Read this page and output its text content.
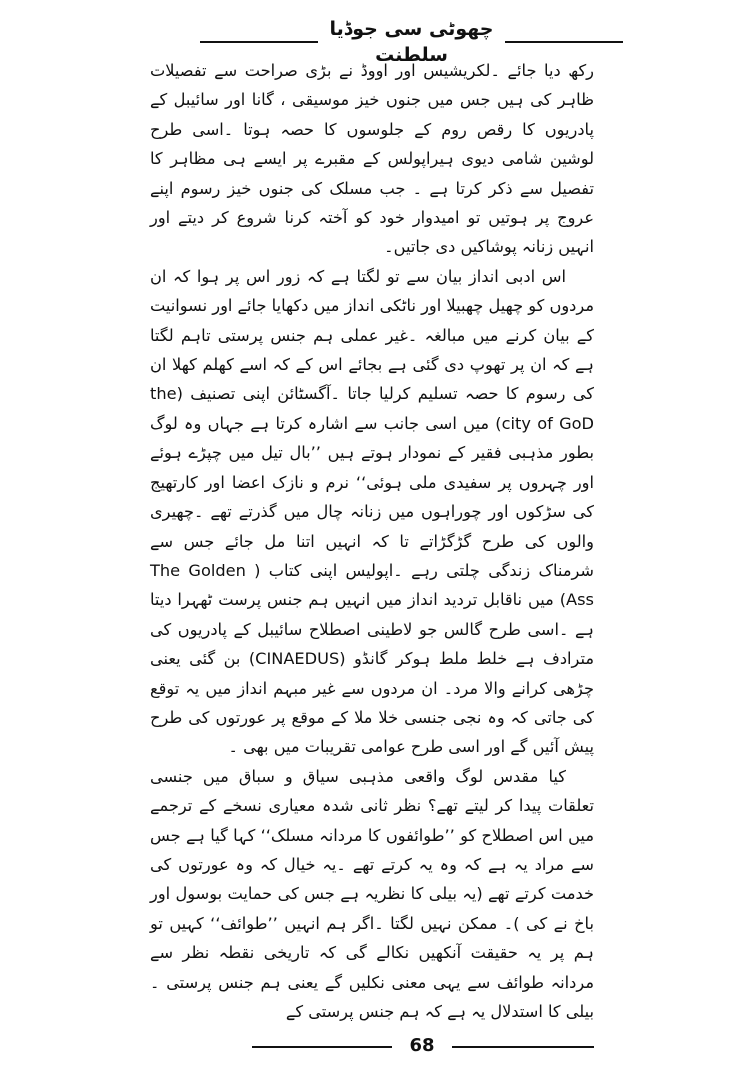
چھوٹی سی جوڈیا سلطنت

رکھ دیا جائے ۔لکریشیس اور اووڈ نے بڑی صراحت سے تفصیلات ظاہر کی ہیں جس میں جنوں خیز موسیقی ، گانا اور سائیبل کے پادریوں کا رقص روم کے جلوسوں کا حصہ ہوتا ۔اسی طرح لوشین شامی دیوی ہیراپولس کے مقبرے پر ایسے ہی مظاہر کا تفصیل سے ذکر کرتا ہے ۔ جب مسلک کی جنوں خیز رسوم اپنے عروج پر ہوتیں تو امیدوار خود کو آختہ کرنا شروع کر دیتے اور انہیں زنانہ پوشاکیں دی جاتیں۔

اس ادبی انداز بیان سے تو لگتا ہے کہ زور اس پر ہوا کہ ان مردوں کو چھیل چھبیلا اور ناٹکی انداز میں دکھایا جائے اور نسوانیت کے بیان کرنے میں مبالغہ ۔غیر عملی ہم جنس پرستی تاہم لگتا ہے کہ ان پر تھوپ دی گئی ہے بجائے اس کے کہ اسے کھلم کھلا ان کی رسوم کا حصہ تسلیم کرلیا جاتا ۔آگسٹائن اپنی تصنیف (the city of GoD) میں اسی جانب سے اشارہ کرتا ہے جہاں وہ لوگ بطور مذہبی فقیر کے نمودار ہوتے ہیں ’’بال تیل میں چپڑے ہوئے اور چہروں پر سفیدی ملی ہوئی‘‘ نرم و نازک اعضا اور کارتھیج کی سڑکوں اور چوراہوں میں زنانہ چال میں گذرتے تھے ۔چھیری والوں کی طرح گڑگڑاتے تا کہ انہیں اتنا مل جائے جس سے شرمناک زندگی چلتی رہے ۔اپولیس اپنی کتاب ( The Golden Ass) میں ناقابل تردید انداز میں انہیں ہم جنس پرست ٹھہرا دیتا ہے ۔اسی طرح گالس جو لاطینی اصطلاح سائیبل کے پادریوں کی مترادف ہے خلط ملط ہوکر گانڈو (CINAEDUS) بن گئی یعنی چڑھی کرانے والا مرد۔ ان مردوں سے غیر مبہم انداز میں یہ توقع کی جاتی کہ وہ نجی جنسی خلا ملا کے موقع پر عورتوں کی طرح پیش آئیں گے اور اسی طرح عوامی تقریبات میں بھی ۔

کیا مقدس لوگ واقعی مذہبی سیاق و سباق میں جنسی تعلقات پیدا کر لیتے تھے؟ نظر ثانی شدہ معیاری نسخے کے ترجمے میں اس اصطلاح کو ’’طوائفوں کا مردانہ مسلک‘‘ کہا گیا ہے جس سے مراد یہ ہے کہ وہ یہ کرتے تھے ۔یہ خیال کہ وہ عورتوں کی خدمت کرتے تھے (یہ بیلی کا نظریہ ہے جس کی حمایت بوسول اور باخ نے کی )۔ ممکن نہیں لگتا ۔اگر ہم انہیں ’’طوائف‘‘ کہیں تو ہم پر یہ حقیقت آنکھیں نکالے گی کہ تاریخی نقطہ نظر سے مردانہ طوائف سے یہی معنی نکلیں گے یعنی ہم جنس پرستی ۔بیلی کا استدلال یہ ہے کہ ہم جنس پرستی کے

68
